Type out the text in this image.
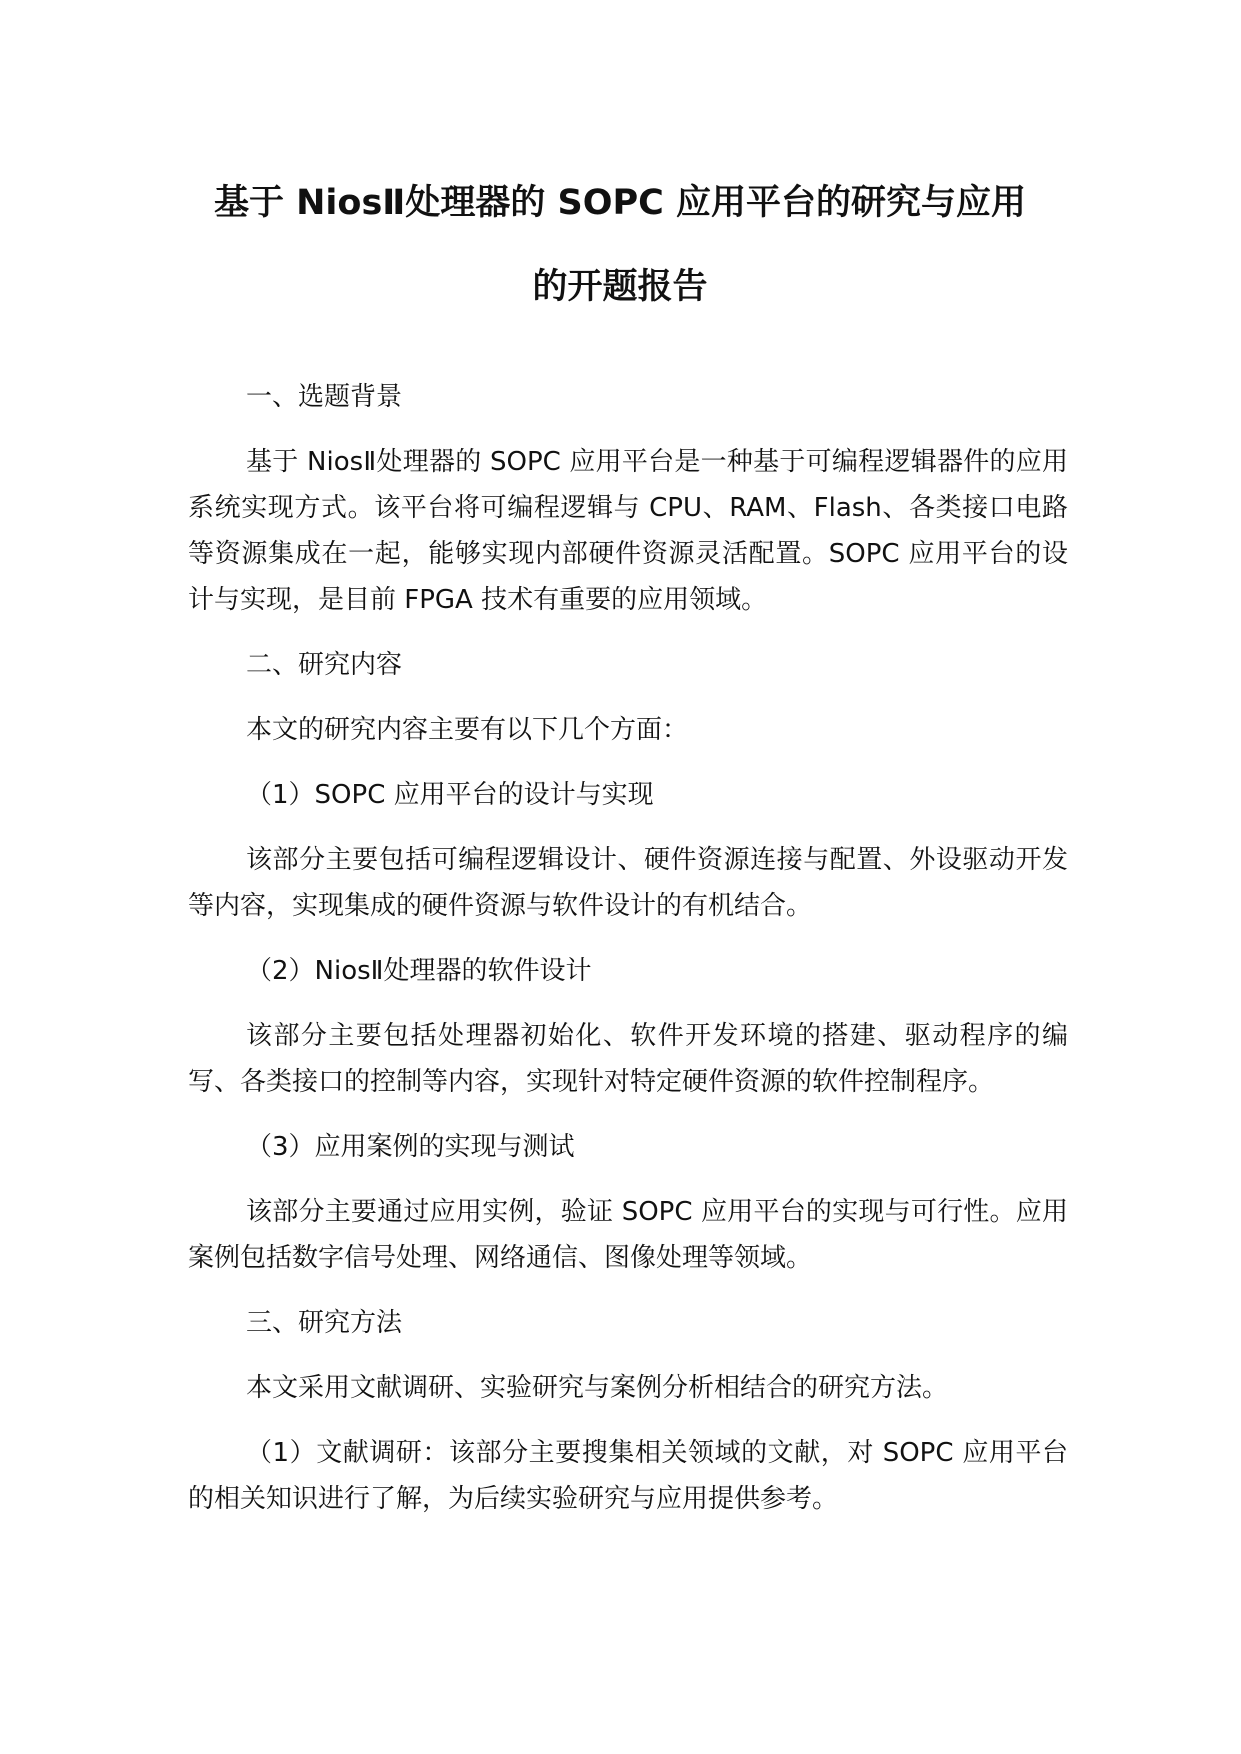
基于 NiosⅡ处理器的 SOPC 应用平台的研究与应用
的开题报告

一、选题背景

基于 NiosⅡ处理器的 SOPC 应用平台是一种基于可编程逻辑器件的应用系统实现方式。该平台将可编程逻辑与 CPU、RAM、Flash、各类接口电路等资源集成在一起，能够实现内部硬件资源灵活配置。SOPC 应用平台的设计与实现，是目前 FPGA 技术有重要的应用领域。

二、研究内容

本文的研究内容主要有以下几个方面：

（1）SOPC 应用平台的设计与实现

该部分主要包括可编程逻辑设计、硬件资源连接与配置、外设驱动开发等内容，实现集成的硬件资源与软件设计的有机结合。

（2）NiosⅡ处理器的软件设计

该部分主要包括处理器初始化、软件开发环境的搭建、驱动程序的编写、各类接口的控制等内容，实现针对特定硬件资源的软件控制程序。

（3）应用案例的实现与测试

该部分主要通过应用实例，验证 SOPC 应用平台的实现与可行性。应用案例包括数字信号处理、网络通信、图像处理等领域。

三、研究方法

本文采用文献调研、实验研究与案例分析相结合的研究方法。

（1）文献调研：该部分主要搜集相关领域的文献，对 SOPC 应用平台的相关知识进行了解，为后续实验研究与应用提供参考。
